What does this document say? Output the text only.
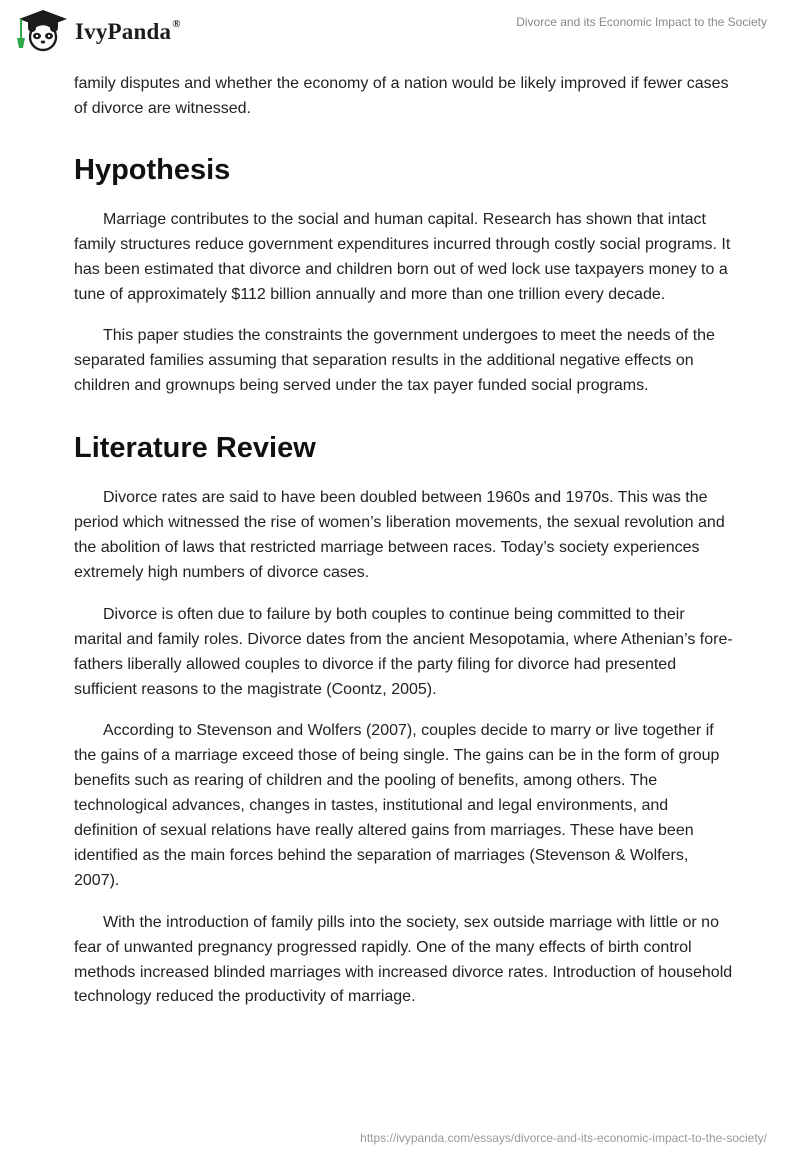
IvyPanda®	Divorce and its Economic Impact to the Society

family disputes and whether the economy of a nation would be likely improved if fewer cases of divorce are witnessed.

Hypothesis

Marriage contributes to the social and human capital. Research has shown that intact family structures reduce government expenditures incurred through costly social programs. It has been estimated that divorce and children born out of wed lock use taxpayers money to a tune of approximately $112 billion annually and more than one trillion every decade.

This paper studies the constraints the government undergoes to meet the needs of the separated families assuming that separation results in the additional negative effects on children and grownups being served under the tax payer funded social programs.

Literature Review

Divorce rates are said to have been doubled between 1960s and 1970s. This was the period which witnessed the rise of women’s liberation movements, the sexual revolution and the abolition of laws that restricted marriage between races. Today’s society experiences extremely high numbers of divorce cases.

Divorce is often due to failure by both couples to continue being committed to their marital and family roles. Divorce dates from the ancient Mesopotamia, where Athenian’s fore-fathers liberally allowed couples to divorce if the party filing for divorce had presented sufficient reasons to the magistrate (Coontz, 2005).

According to Stevenson and Wolfers (2007), couples decide to marry or live together if the gains of a marriage exceed those of being single. The gains can be in the form of group benefits such as rearing of children and the pooling of benefits, among others. The technological advances, changes in tastes, institutional and legal environments, and definition of sexual relations have really altered gains from marriages. These have been identified as the main forces behind the separation of marriages (Stevenson & Wolfers, 2007).

With the introduction of family pills into the society, sex outside marriage with little or no fear of unwanted pregnancy progressed rapidly. One of the many effects of birth control methods increased blinded marriages with increased divorce rates. Introduction of household technology reduced the productivity of marriage.

https://ivypanda.com/essays/divorce-and-its-economic-impact-to-the-society/
